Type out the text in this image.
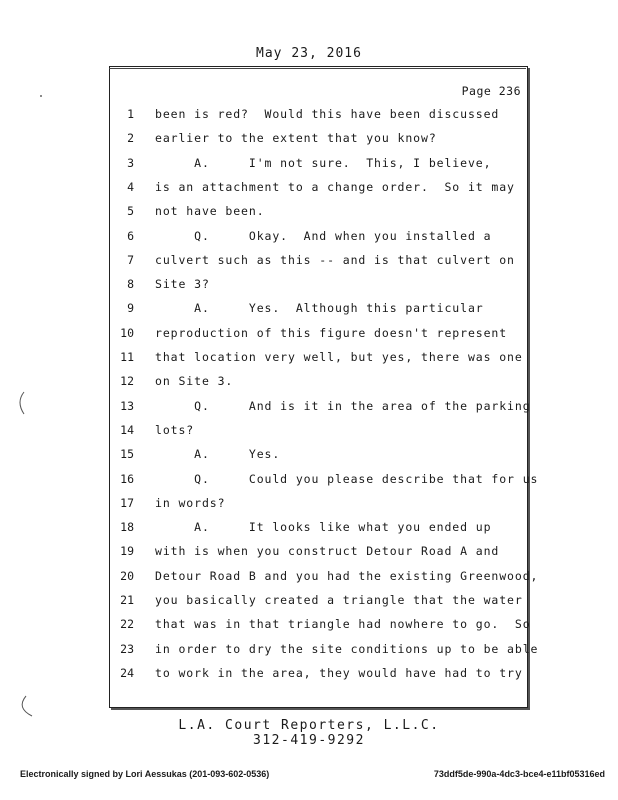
May 23, 2016
Page 236
1 been is red?  Would this have been discussed
2 earlier to the extent that you know?
3 A.     I'm not sure.  This, I believe,
4 is an attachment to a change order.  So it may
5 not have been.
6 Q.     Okay.  And when you installed a
7 culvert such as this -- and is that culvert on
8 Site 3?
9 A.     Yes.  Although this particular
10 reproduction of this figure doesn't represent
11 that location very well, but yes, there was one
12 on Site 3.
13 Q.     And is it in the area of the parking
14 lots?
15 A.     Yes.
16 Q.     Could you please describe that for us
17 in words?
18 A.     It looks like what you ended up
19 with is when you construct Detour Road A and
20 Detour Road B and you had the existing Greenwood,
21 you basically created a triangle that the water
22 that was in that triangle had nowhere to go.  So
23 in order to dry the site conditions up to be able
24 to work in the area, they would have had to try
L.A. Court Reporters, L.L.C.
312-419-9292
Electronically signed by Lori Aessukas (201-093-602-0536)	73ddf5de-990a-4dc3-bce4-e11bf05316ed
